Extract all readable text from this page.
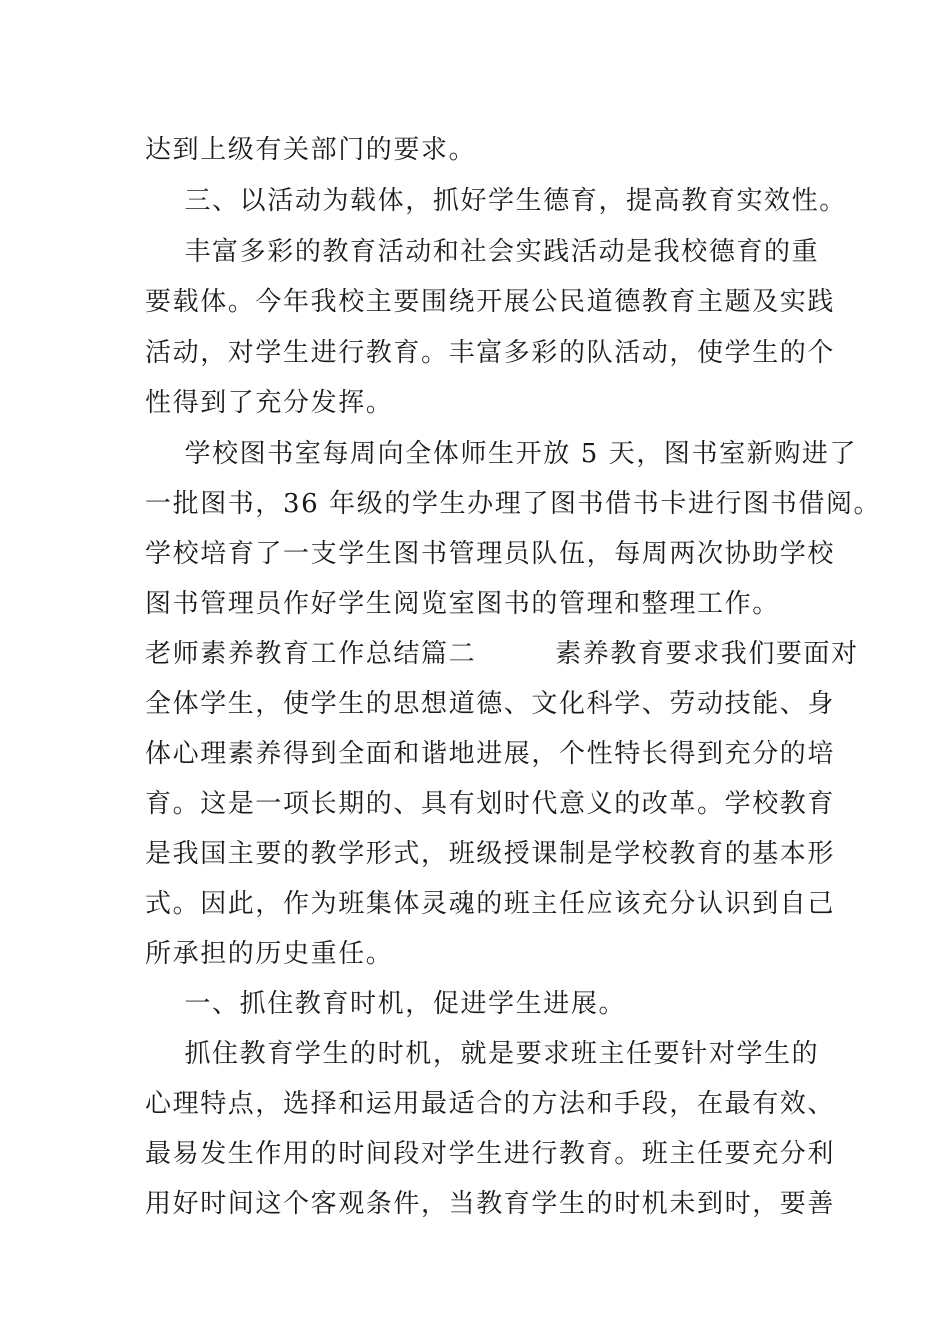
达到上级有关部门的要求。

三、以活动为载体，抓好学生德育，提高教育实效性。

丰富多彩的教育活动和社会实践活动是我校德育的重

要载体。今年我校主要围绕开展公民道德教育主题及实践

活动，对学生进行教育。丰富多彩的队活动，使学生的个

性得到了充分发挥。

学校图书室每周向全体师生开放 5 天，图书室新购进了

一批图书，36 年级的学生办理了图书借书卡进行图书借阅。

学校培育了一支学生图书管理员队伍，每周两次协助学校

图书管理员作好学生阅览室图书的管理和整理工作。

老师素养教育工作总结篇二        素养教育要求我们要面对

全体学生，使学生的思想道德、文化科学、劳动技能、身

体心理素养得到全面和谐地进展，个性特长得到充分的培

育。这是一项长期的、具有划时代意义的改革。学校教育

是我国主要的教学形式，班级授课制是学校教育的基本形

式。因此，作为班集体灵魂的班主任应该充分认识到自己

所承担的历史重任。

一、抓住教育时机，促进学生进展。

抓住教育学生的时机，就是要求班主任要针对学生的

心理特点，选择和运用最适合的方法和手段，在最有效、

最易发生作用的时间段对学生进行教育。班主任要充分利

用好时间这个客观条件，当教育学生的时机未到时，要善
